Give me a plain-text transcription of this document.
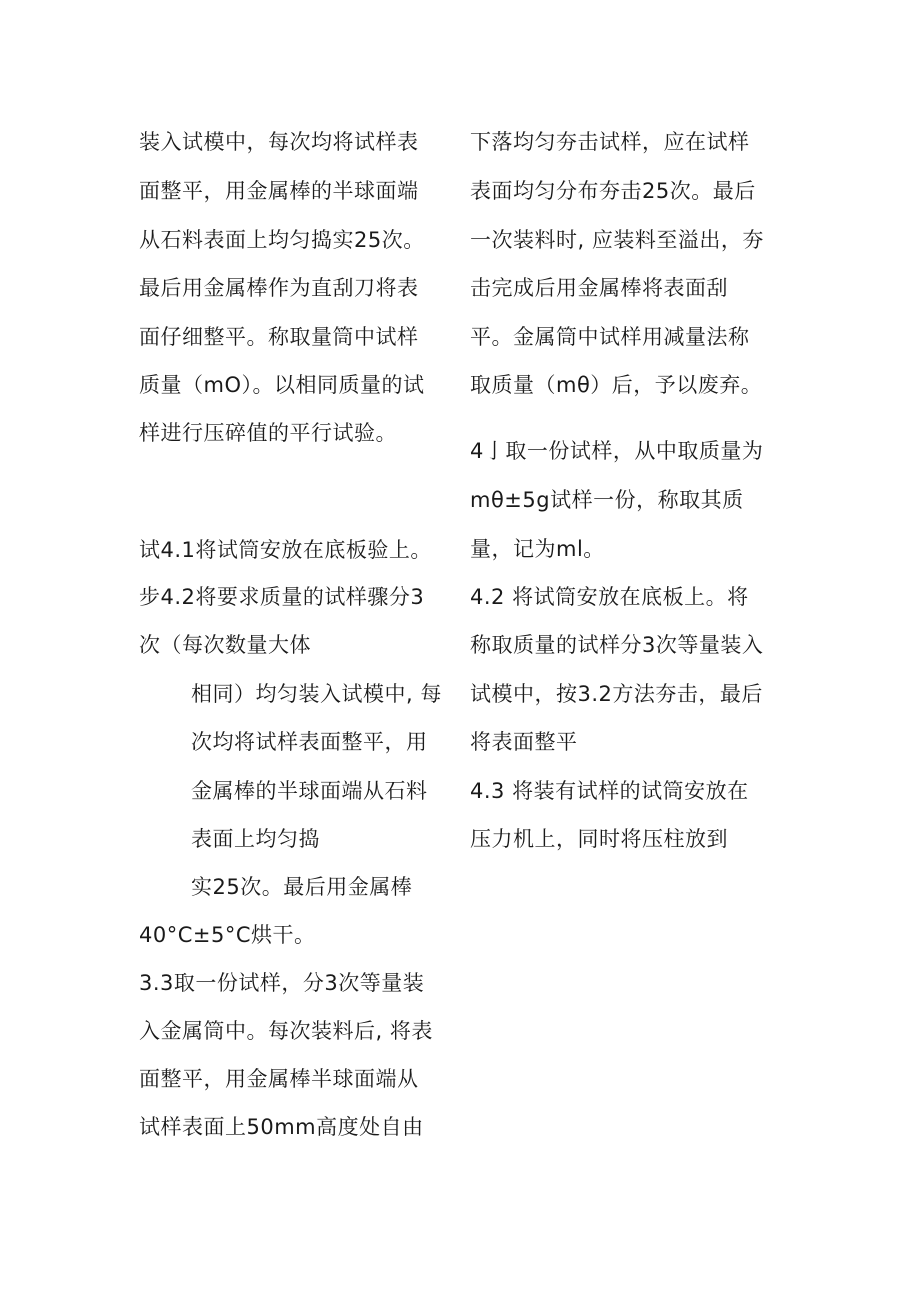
装入试模中，每次均将试样表
面整平，用金属棒的半球面端
从石料表面上均匀捣实25次。
最后用金属棒作为直刮刀将表
面仔细整平。称取量筒中试样
质量（mO）。以相同质量的试
样进行压碎值的平行试验。
试4.1将试筒安放在底板验上。
步4.2将要求质量的试样骤分3
次（每次数量大体
相同）均匀装入试模中, 每
次均将试样表面整平，用
金属棒的半球面端从石料
表面上均匀捣
实25次。最后用金属棒
40°C±5°C烘干。
3.3取一份试样，分3次等量装
入金属筒中。每次装料后, 将表
面整平，用金属棒半球面端从
试样表面上50mm高度处自由
下落均匀夯击试样，应在试样
表面均匀分布夯击25次。最后
一次装料时, 应装料至溢出，夯
击完成后用金属棒将表面刮
平。金属筒中试样用减量法称
取质量（mθ）后，予以废弃。
4亅取一份试样，从中取质量为
mθ±5g试样一份，称取其质
量，记为ml。
4.2 将试筒安放在底板上。将
称取质量的试样分3次等量装入
试模中，按3.2方法夯击，最后
将表面整平
4.3 将装有试样的试筒安放在
压力机上，同时将压柱放到
